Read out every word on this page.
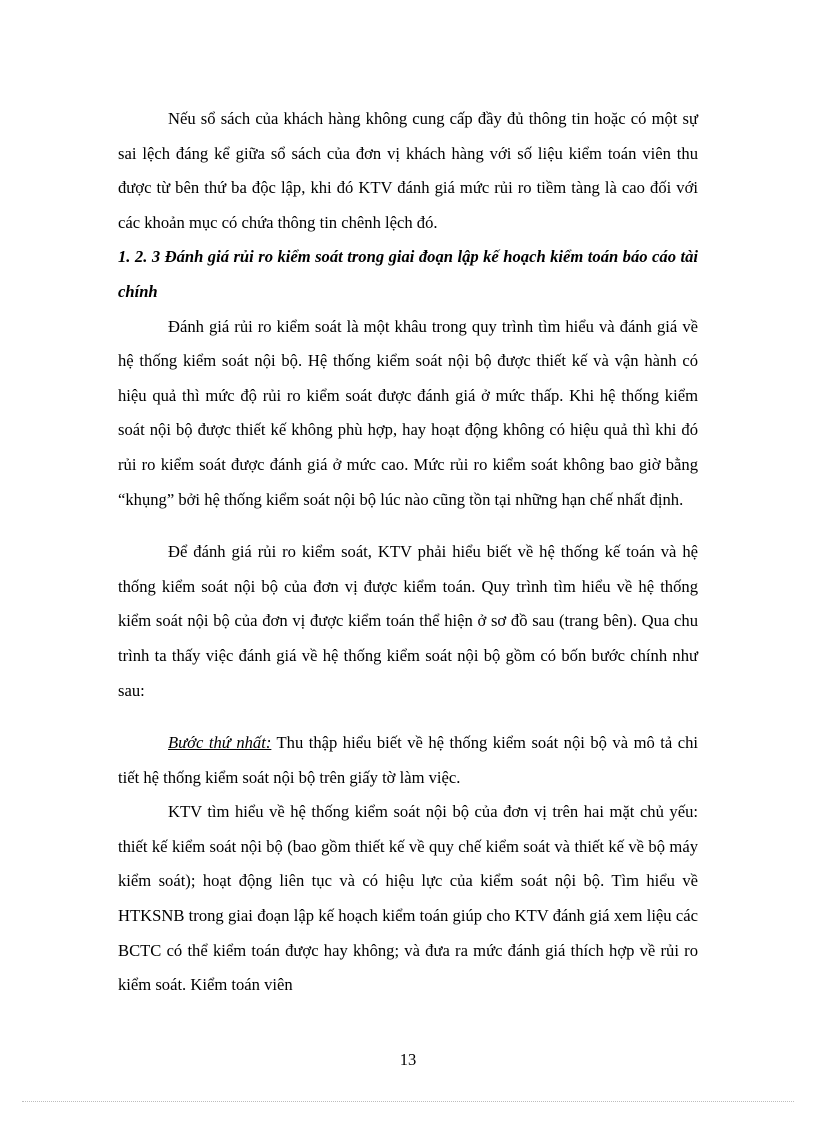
Nếu sổ sách của khách hàng không cung cấp đầy đủ thông tin hoặc có một sự sai lệch đáng kể giữa sổ sách của đơn vị khách hàng với số liệu kiểm toán viên thu được từ bên thứ ba độc lập, khi đó KTV đánh giá mức rủi ro tiềm tàng là cao đối với các khoản mục có chứa thông tin chênh lệch đó.

1. 2. 3 Đánh giá rủi ro kiểm soát trong giai đoạn lập kế hoạch kiểm toán báo cáo tài chính

Đánh giá rủi ro kiểm soát là một khâu trong quy trình tìm hiểu và đánh giá về hệ thống kiểm soát nội bộ. Hệ thống kiểm soát nội bộ được thiết kế và vận hành có hiệu quả thì mức độ rủi ro kiểm soát được đánh giá ở mức thấp. Khi hệ thống kiểm soát nội bộ được thiết kế không phù hợp, hay hoạt động không có hiệu quả thì khi đó rủi ro kiểm soát được đánh giá ở mức cao. Mức rủi ro kiểm soát không bao giờ bằng “khụng” bởi hệ thống kiểm soát nội bộ lúc nào cũng tồn tại những hạn chế nhất định.

Để đánh giá rủi ro kiểm soát, KTV phải hiểu biết về hệ thống kế toán và hệ thống kiểm soát nội bộ của đơn vị được kiểm toán. Quy trình tìm hiểu về hệ thống kiểm soát nội bộ của đơn vị được kiểm toán thể hiện ở sơ đồ sau (trang bên). Qua chu trình ta thấy việc đánh giá về hệ thống kiểm soát nội bộ gồm có bốn bước chính như sau:

Bước thứ nhất: Thu thập hiểu biết về hệ thống kiểm soát nội bộ và mô tả chi tiết hệ thống kiểm soát nội bộ trên giấy tờ làm việc.

KTV tìm hiểu về hệ thống kiểm soát nội bộ của đơn vị trên hai mặt chủ yếu: thiết kế kiểm soát nội bộ (bao gồm thiết kế về quy chế kiểm soát và thiết kế về bộ máy kiểm soát); hoạt động liên tục và có hiệu lực của kiểm soát nội bộ. Tìm hiểu về HTKSNB trong giai đoạn lập kế hoạch kiểm toán giúp cho KTV đánh giá xem liệu các BCTC có thể kiểm toán được hay không; và đưa ra mức đánh giá thích hợp về rủi ro kiểm soát. Kiểm toán viên

13
